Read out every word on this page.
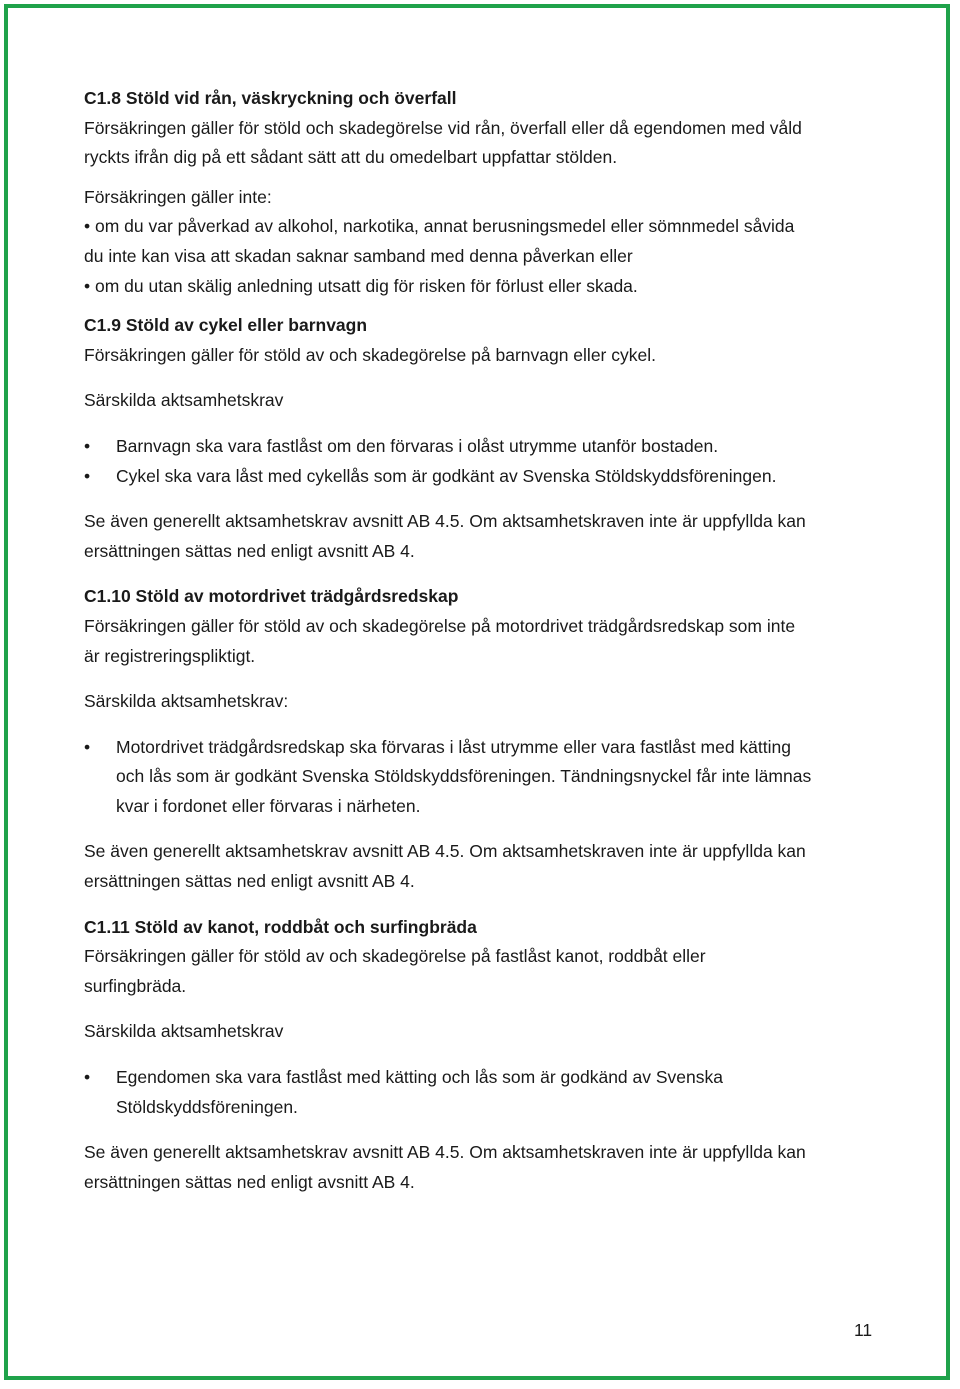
C1.8 Stöld vid rån, väskryckning och överfall
Försäkringen gäller för stöld och skadegörelse vid rån, överfall eller då egendomen med våld
ryckts ifrån dig på ett sådant sätt att du omedelbart uppfattar stölden.
Försäkringen gäller inte:
• om du var påverkad av alkohol, narkotika, annat berusningsmedel eller sömnmedel såvida
du inte kan visa att skadan saknar samband med denna påverkan eller
• om du utan skälig anledning utsatt dig för risken för förlust eller skada.
C1.9 Stöld av cykel eller barnvagn
Försäkringen gäller för stöld av och skadegörelse på barnvagn eller cykel.
Särskilda aktsamhetskrav
• Barnvagn ska vara fastlåst om den förvaras i olåst utrymme utanför bostaden.
• Cykel ska vara låst med cykellås som är godkänt av Svenska Stöldskyddsföreningen.
Se även generellt aktsamhetskrav avsnitt AB 4.5. Om aktsamhetskraven inte är uppfyllda kan
ersättningen sättas ned enligt avsnitt AB 4.
C1.10 Stöld av motordrivet trädgårdsredskap
Försäkringen gäller för stöld av och skadegörelse på motordrivet trädgårdsredskap som inte
är registreringspliktigt.
Särskilda aktsamhetskrav:
• Motordrivet trädgårdsredskap ska förvaras i låst utrymme eller vara fastlåst med kätting
och lås som är godkänt Svenska Stöldskyddsföreningen. Tändningsnyckel får inte lämnas
kvar i fordonet eller förvaras i närheten.
Se även generellt aktsamhetskrav avsnitt AB 4.5. Om aktsamhetskraven inte är uppfyllda kan
ersättningen sättas ned enligt avsnitt AB 4.
C1.11 Stöld av kanot, roddbåt och surfingbräda
Försäkringen gäller för stöld av och skadegörelse på fastlåst kanot, roddbåt eller
surfingbräda.
Särskilda aktsamhetskrav
• Egendomen ska vara fastlåst med kätting och lås som är godkänd av Svenska
Stöldskyddsföreningen.
Se även generellt aktsamhetskrav avsnitt AB 4.5. Om aktsamhetskraven inte är uppfyllda kan
ersättningen sättas ned enligt avsnitt AB 4.
11
